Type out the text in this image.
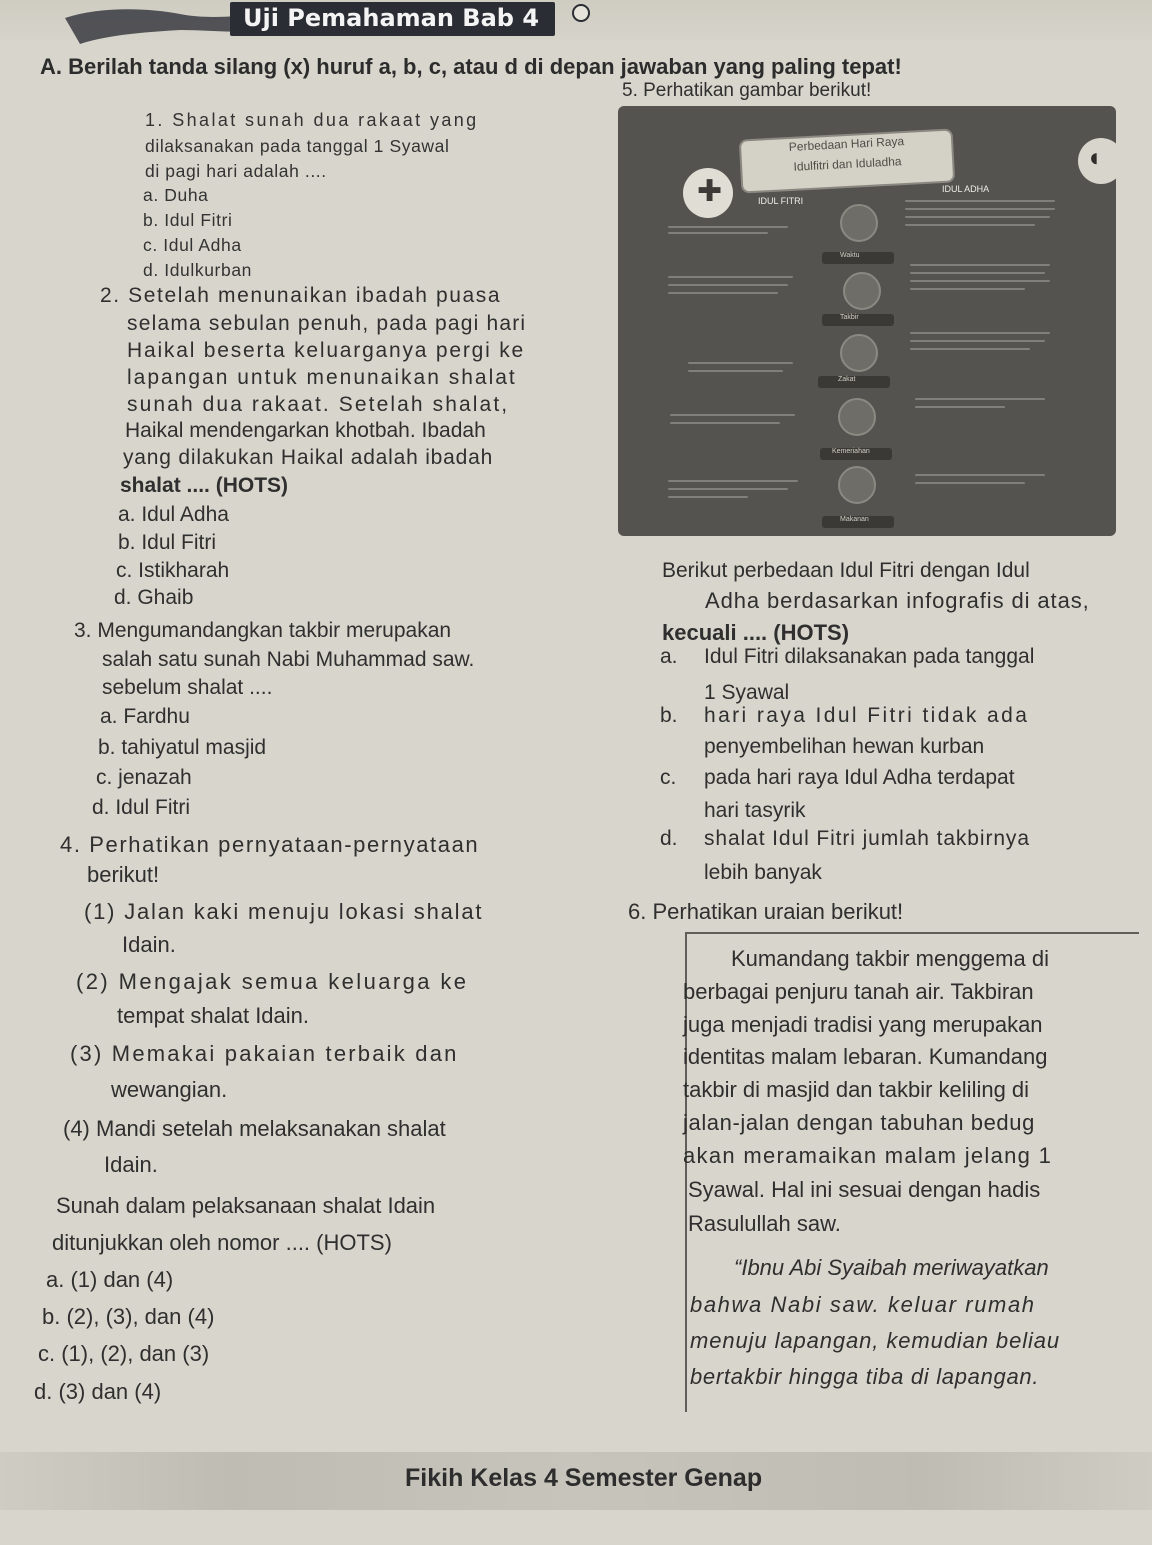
Uji Pemahaman Bab 4
A. Berilah tanda silang (x) huruf a, b, c, atau d di depan jawaban yang paling tepat!
1. Shalat sunah dua rakaat yang
dilaksanakan pada tanggal 1 Syawal
di pagi hari adalah ....
a. Duha
b. Idul Fitri
c. Idul Adha
d. Idulkurban
2. Setelah menunaikan ibadah puasa
selama sebulan penuh, pada pagi hari
Haikal beserta keluarganya pergi ke
lapangan untuk menunaikan shalat
sunah dua rakaat. Setelah shalat,
Haikal mendengarkan khotbah. Ibadah
yang dilakukan Haikal adalah ibadah
shalat .... (HOTS)
a. Idul Adha
b. Idul Fitri
c. Istikharah
d. Ghaib
3. Mengumandangkan takbir merupakan
salah satu sunah Nabi Muhammad saw.
sebelum shalat ....
a. Fardhu
b. tahiyatul masjid
c. jenazah
d. Idul Fitri
4. Perhatikan pernyataan-pernyataan
berikut!
(1) Jalan kaki menuju lokasi shalat
Idain.
(2) Mengajak semua keluarga ke
tempat shalat Idain.
(3) Memakai pakaian terbaik dan
wewangian.
(4) Mandi setelah melaksanakan shalat
Idain.
Sunah dalam pelaksanaan shalat Idain
ditunjukkan oleh nomor .... (HOTS)
a. (1) dan (4)
b. (2), (3), dan (4)
c. (1), (2), dan (3)
d. (3) dan (4)
5. Perhatikan gambar berikut!
✚
◖
Perbedaan Hari Raya
Idulfitri dan Iduladha
IDUL FITRI
IDUL ADHA
Waktu
Takbir
Zakat
Kemeriahan
Makanan
Berikut perbedaan Idul Fitri dengan Idul
Adha berdasarkan infografis di atas,
kecuali .... (HOTS)
a. Idul Fitri dilaksanakan pada tanggal
1 Syawal
b. hari raya Idul Fitri tidak ada
penyembelihan hewan kurban
c. pada hari raya Idul Adha terdapat
hari tasyrik
d. shalat Idul Fitri jumlah takbirnya
lebih banyak
6. Perhatikan uraian berikut!
Kumandang takbir menggema di
berbagai penjuru tanah air. Takbiran
juga menjadi tradisi yang merupakan
identitas malam lebaran. Kumandang
takbir di masjid dan takbir keliling di
jalan-jalan dengan tabuhan bedug
akan meramaikan malam jelang 1
Syawal. Hal ini sesuai dengan hadis
Rasulullah saw.
“Ibnu Abi Syaibah meriwayatkan
bahwa Nabi saw. keluar rumah
menuju lapangan, kemudian beliau
bertakbir hingga tiba di lapangan.
Fikih Kelas 4 Semester Genap
